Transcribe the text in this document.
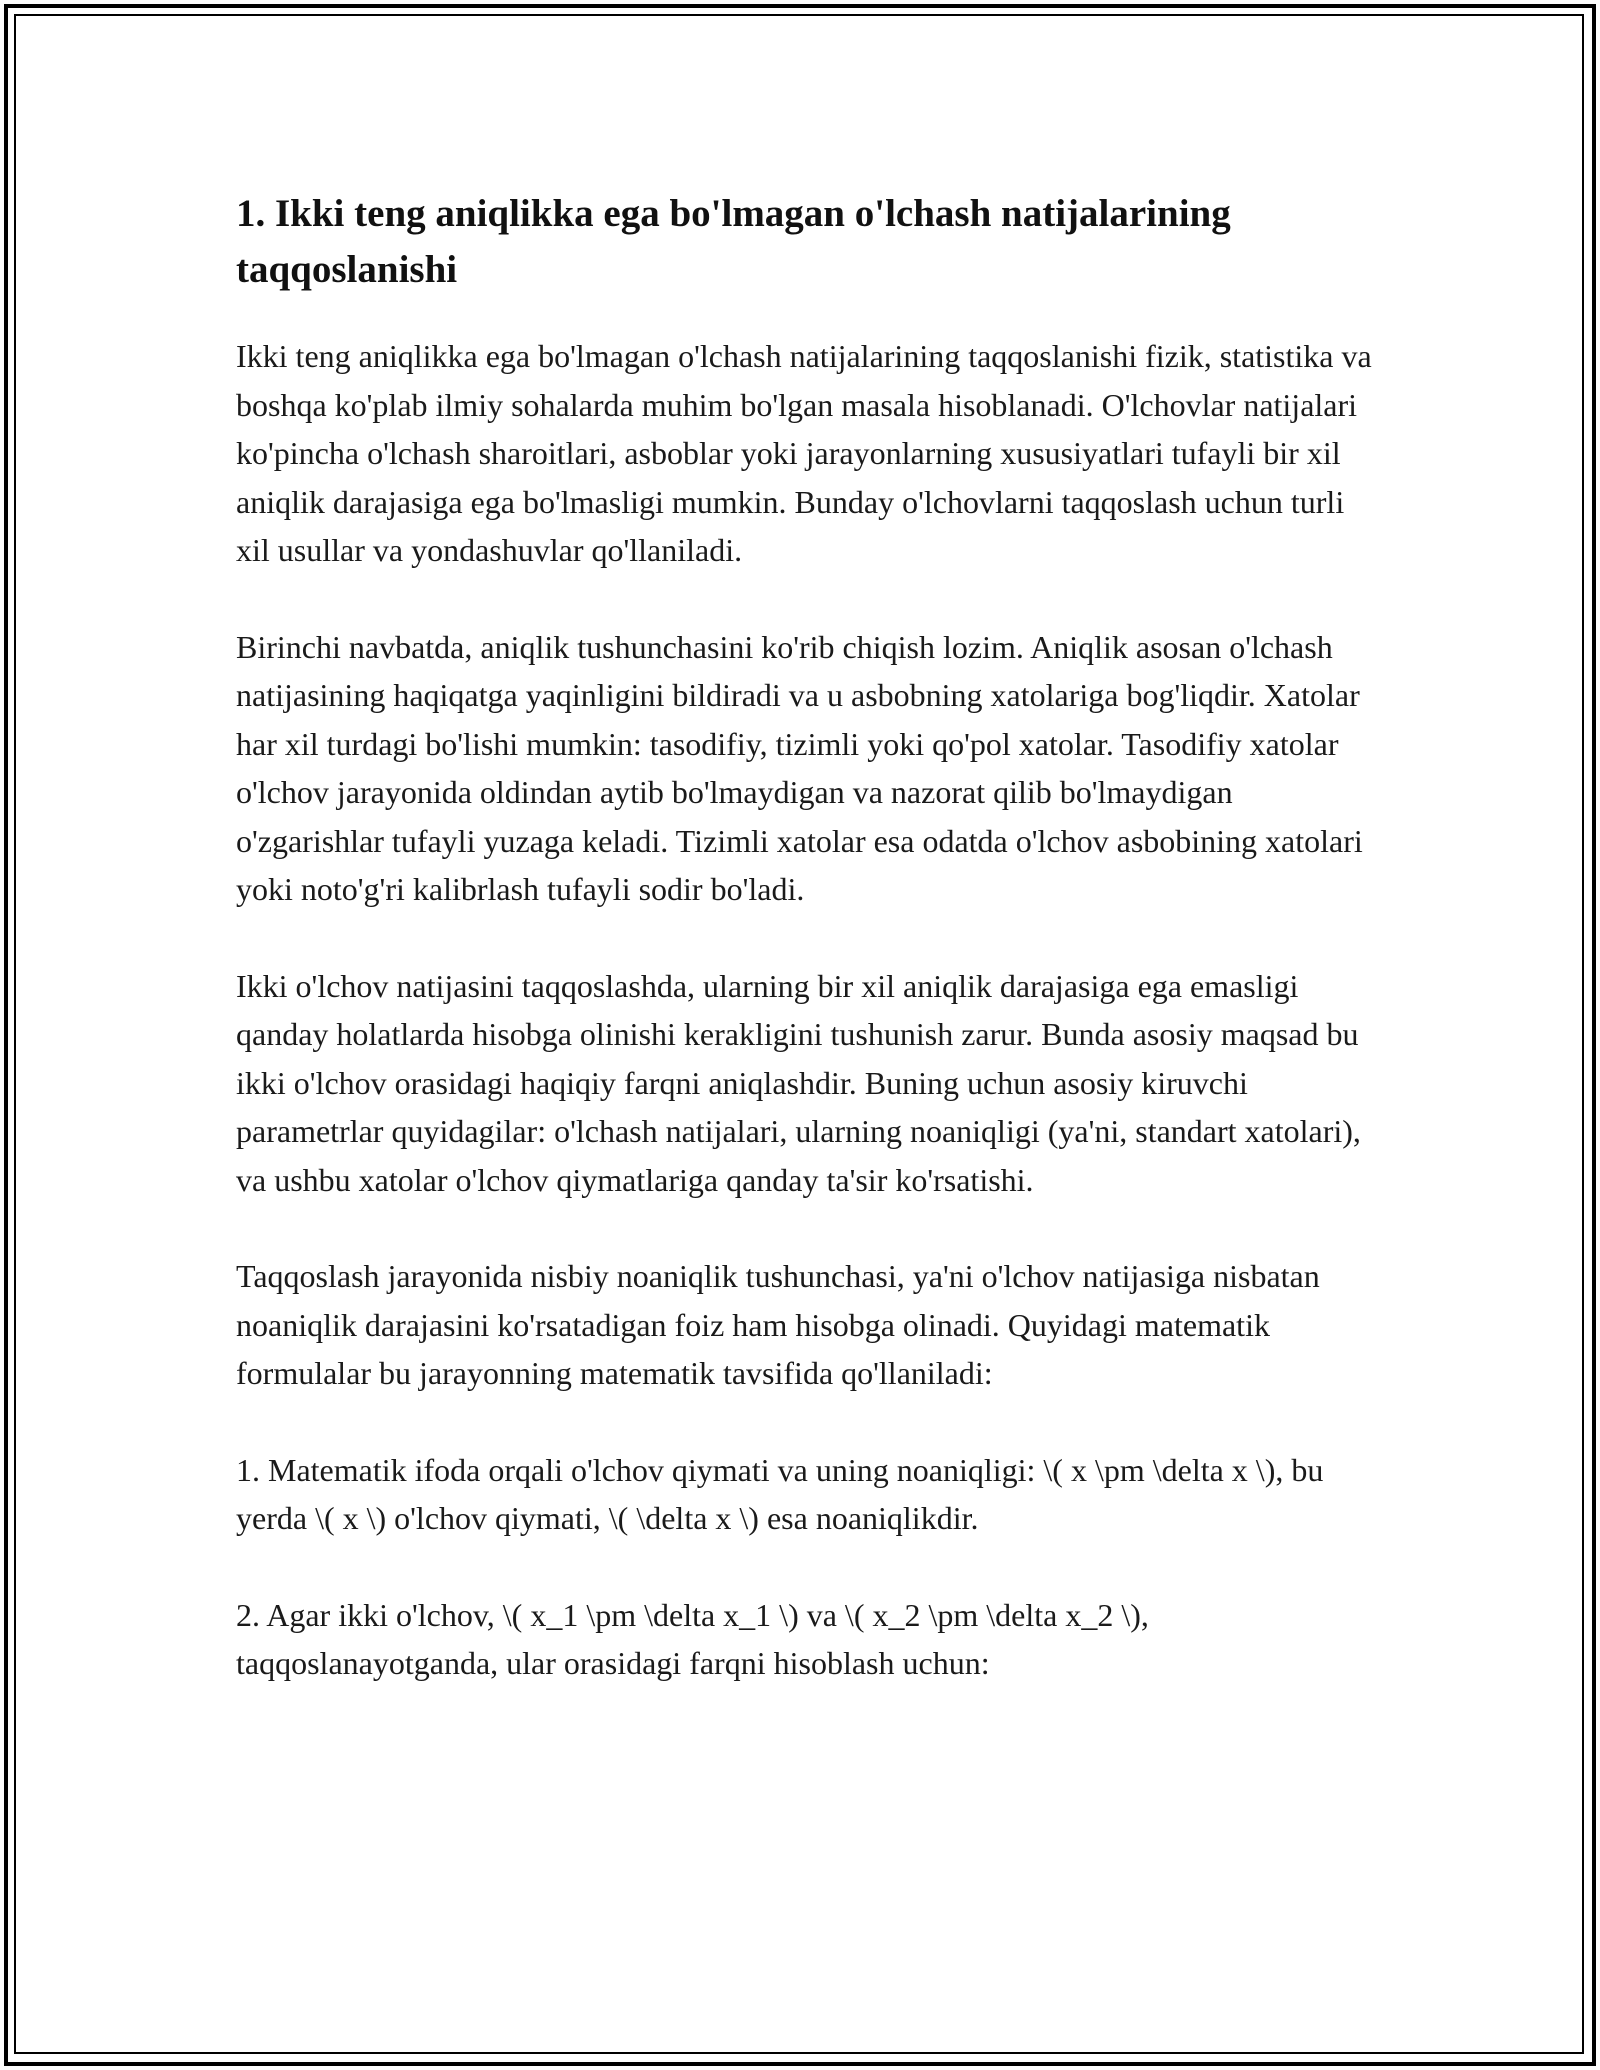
1. Ikki teng aniqlikka ega bo'lmagan o'lchash natijalarining taqqoslanishi

Ikki teng aniqlikka ega bo'lmagan o'lchash natijalarining taqqoslanishi fizik, statistika va boshqa ko'plab ilmiy sohalarda muhim bo'lgan masala hisoblanadi. O'lchovlar natijalari ko'pincha o'lchash sharoitlari, asboblar yoki jarayonlarning xususiyatlari tufayli bir xil aniqlik darajasiga ega bo'lmasligi mumkin. Bunday o'lchovlarni taqqoslash uchun turli xil usullar va yondashuvlar qo'llaniladi.

Birinchi navbatda, aniqlik tushunchasini ko'rib chiqish lozim. Aniqlik asosan o'lchash natijasining haqiqatga yaqinligini bildiradi va u asbobning xatolariga bog'liqdir. Xatolar har xil turdagi bo'lishi mumkin: tasodifiy, tizimli yoki qo'pol xatolar. Tasodifiy xatolar o'lchov jarayonida oldindan aytib bo'lmaydigan va nazorat qilib bo'lmaydigan o'zgarishlar tufayli yuzaga keladi. Tizimli xatolar esa odatda o'lchov asbobining xatolari yoki noto'g'ri kalibrlash tufayli sodir bo'ladi.

Ikki o'lchov natijasini taqqoslashda, ularning bir xil aniqlik darajasiga ega emasligi qanday holatlarda hisobga olinishi kerakligini tushunish zarur. Bunda asosiy maqsad bu ikki o'lchov orasidagi haqiqiy farqni aniqlashdir. Buning uchun asosiy kiruvchi parametrlar quyidagilar: o'lchash natijalari, ularning noaniqligi (ya'ni, standart xatolari), va ushbu xatolar o'lchov qiymatlariga qanday ta'sir ko'rsatishi.

Taqqoslash jarayonida nisbiy noaniqlik tushunchasi, ya'ni o'lchov natijasiga nisbatan noaniqlik darajasini ko'rsatadigan foiz ham hisobga olinadi. Quyidagi matematik formulalar bu jarayonning matematik tavsifida qo'llaniladi:

1. Matematik ifoda orqali o'lchov qiymati va uning noaniqligi: \( x \pm \delta x \), bu yerda \( x \) o'lchov qiymati, \( \delta x \) esa noaniqlikdir.

2. Agar ikki o'lchov, \( x_1 \pm \delta x_1 \) va \( x_2 \pm \delta x_2 \), taqqoslanayotganda, ular orasidagi farqni hisoblash uchun:
